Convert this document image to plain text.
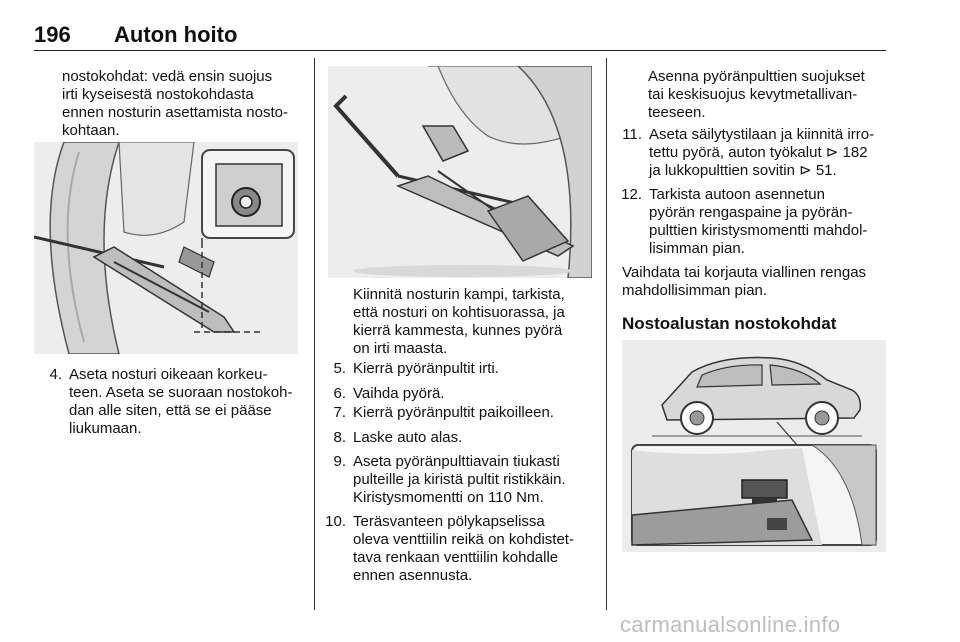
196 Auton hoito

nostokohdat: vedä ensin suojus

irti kyseisestä nostokohdasta

ennen nosturin asettamista nosto-

kohtaan.

4. Aseta nosturi oikeaan korkeu-

teen. Aseta se suoraan nostokoh-

dan alle siten, että se ei pääse

liukumaan.

Kiinnitä nosturin kampi, tarkista,

että nosturi on kohtisuorassa, ja

kierrä kammesta, kunnes pyörä

on irti maasta.

5. Kierrä pyöränpultit irti.

6. Vaihda pyörä.

7. Kierrä pyöränpultit paikoilleen.

8. Laske auto alas.

9. Aseta pyöränpulttiavain tiukasti

pulteille ja kiristä pultit ristikkäin.

Kiristysmomentti on 110 Nm.

10. Teräsvanteen pölykapselissa

oleva venttiilin reikä on kohdistet-

tava renkaan venttiilin kohdalle

ennen asennusta.

Asenna pyöränpulttien suojukset

tai keskisuojus kevytmetallivan-

teeseen.

11. Aseta säilytystilaan ja kiinnitä irro-

tettu pyörä, auton työkalut ⊳ 182

ja lukkopulttien sovitin ⊳ 51.

12. Tarkista autoon asennetun

pyörän rengaspaine ja pyörän-

pulttien kiristysmomentti mahdol-

lisimman pian.

Vaihdata tai korjauta viallinen rengas

mahdollisimman pian.

Nostoalustan nostokohdat
carmanualsonline.info
